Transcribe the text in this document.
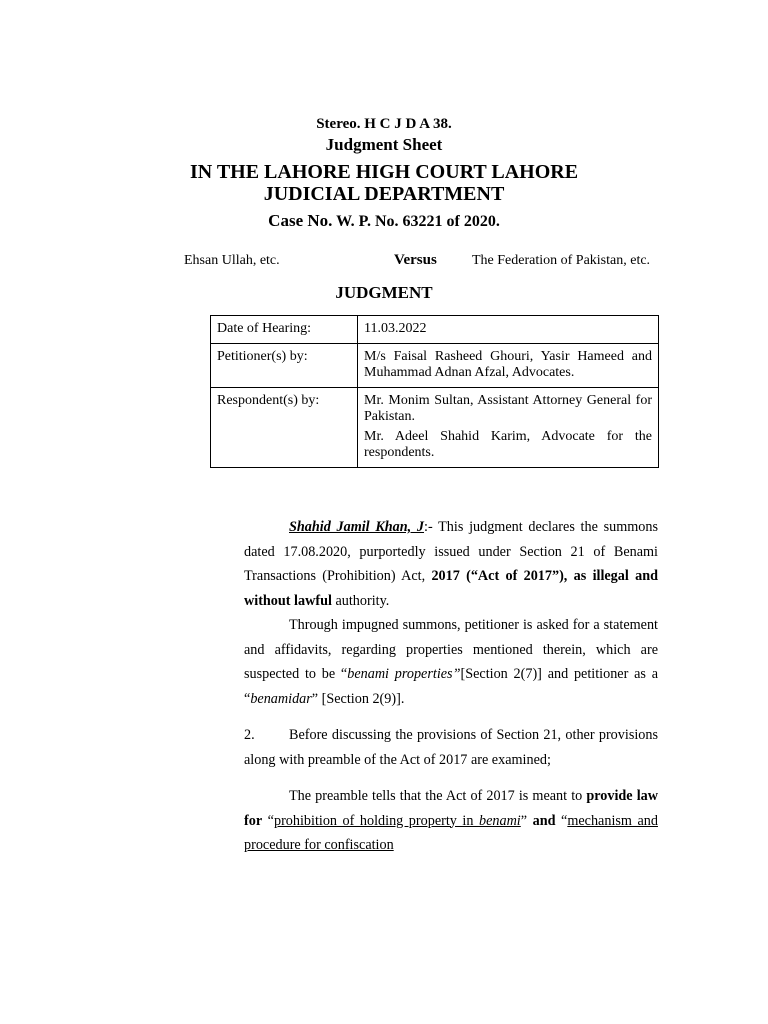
Stereo. H C J D A 38.
Judgment Sheet
IN THE LAHORE HIGH COURT LAHORE
JUDICIAL DEPARTMENT
Case No. W. P. No. 63221 of 2020.
Ehsan Ullah, etc.	Versus	The Federation of Pakistan, etc.
JUDGMENT
Date of Hearing:	11.03.2022
Petitioner(s) by:	M/s Faisal Rasheed Ghouri, Yasir Hameed and Muhammad Adnan Afzal, Advocates.
Respondent(s) by:	Mr. Monim Sultan, Assistant Attorney General for Pakistan.

Mr. Adeel Shahid Karim, Advocate for the respondents.

Shahid Jamil Khan, J:- This judgment declares the summons dated 17.08.2020, purportedly issued under Section 21 of Benami Transactions (Prohibition) Act, 2017 (“Act of 2017”), as illegal and without lawful authority.

Through impugned summons, petitioner is asked for a statement and affidavits, regarding properties mentioned therein, which are suspected to be “benami properties”[Section 2(7)] and petitioner as a “benamidar” [Section 2(9)].

2. Before discussing the provisions of Section 21, other provisions along with preamble of the Act of 2017 are examined;

The preamble tells that the Act of 2017 is meant to provide law for “prohibition of holding property in benami” and “mechanism and procedure for confiscation
